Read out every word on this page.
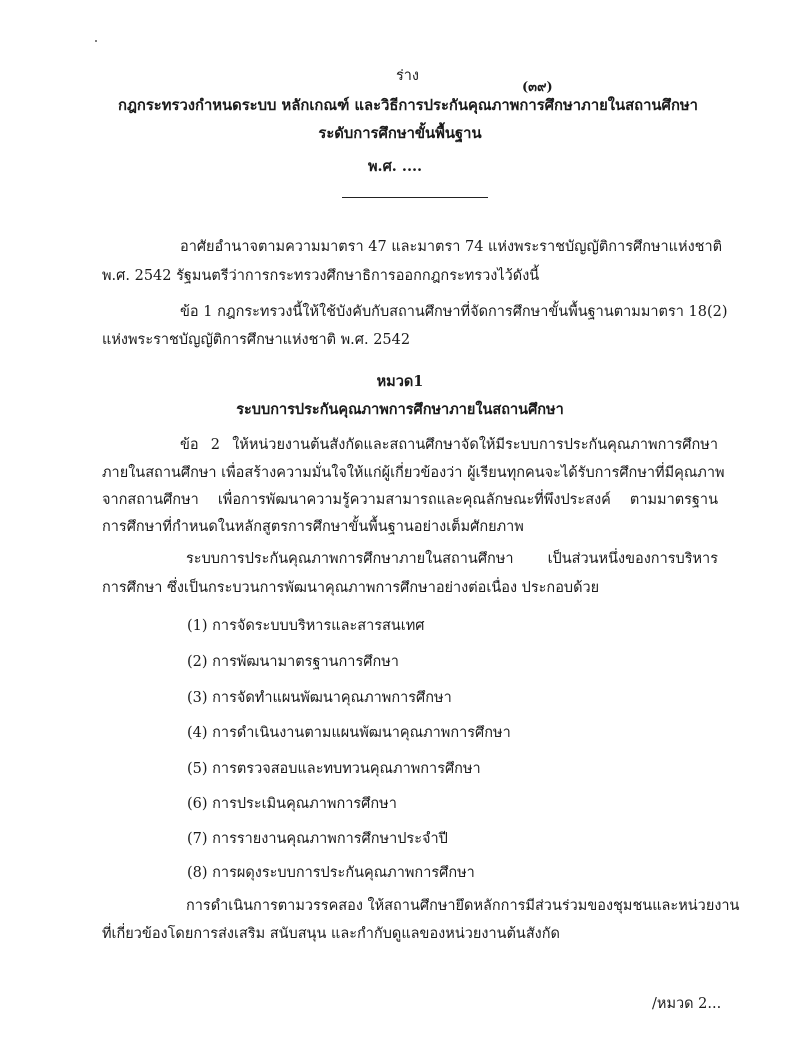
ร่าง
(๓๙)
กฎกระทรวงกำหนดระบบ หลักเกณฑ์ และวิธีการประกันคุณภาพการศึกษาภายในสถานศึกษา
ระดับการศึกษาขั้นพื้นฐาน
พ.ศ. ....
อาศัยอำนาจตามความมาตรา 47 และมาตรา 74 แห่งพระราชบัญญัติการศึกษาแห่งชาติ
พ.ศ. 2542 รัฐมนตรีว่าการกระทรวงศึกษาธิการออกกฎกระทรวงไว้ดังนี้
ข้อ 1 กฎกระทรวงนี้ให้ใช้บังคับกับสถานศึกษาที่จัดการศึกษาขั้นพื้นฐานตามมาตรา 18(2)
แห่งพระราชบัญญัติการศึกษาแห่งชาติ พ.ศ. 2542
หมวด1
ระบบการประกันคุณภาพการศึกษาภายในสถานศึกษา
ข้อ 2 ให้หน่วยงานต้นสังกัดและสถานศึกษาจัดให้มีระบบการประกันคุณภาพการศึกษา
ภายในสถานศึกษา เพื่อสร้างความมั่นใจให้แก่ผู้เกี่ยวข้องว่า ผู้เรียนทุกคนจะได้รับการศึกษาที่มีคุณภาพ
จากสถานศึกษา เพื่อการพัฒนาความรู้ความสามารถและคุณลักษณะที่พึงประสงค์ ตามมาตรฐาน
การศึกษาที่กำหนดในหลักสูตรการศึกษาขั้นพื้นฐานอย่างเต็มศักยภาพ
ระบบการประกันคุณภาพการศึกษาภายในสถานศึกษา เป็นส่วนหนึ่งของการบริหาร
การศึกษา ซึ่งเป็นกระบวนการพัฒนาคุณภาพการศึกษาอย่างต่อเนื่อง ประกอบด้วย
(1) การจัดระบบบริหารและสารสนเทศ
(2) การพัฒนามาตรฐานการศึกษา
(3) การจัดทำแผนพัฒนาคุณภาพการศึกษา
(4) การดำเนินงานตามแผนพัฒนาคุณภาพการศึกษา
(5) การตรวจสอบและทบทวนคุณภาพการศึกษา
(6) การประเมินคุณภาพการศึกษา
(7) การรายงานคุณภาพการศึกษาประจำปี
(8) การผดุงระบบการประกันคุณภาพการศึกษา
การดำเนินการตามวรรคสอง ให้สถานศึกษายึดหลักการมีส่วนร่วมของชุมชนและหน่วยงาน
ที่เกี่ยวข้องโดยการส่งเสริม สนับสนุน และกำกับดูแลของหน่วยงานต้นสังกัด
/หมวด 2...
